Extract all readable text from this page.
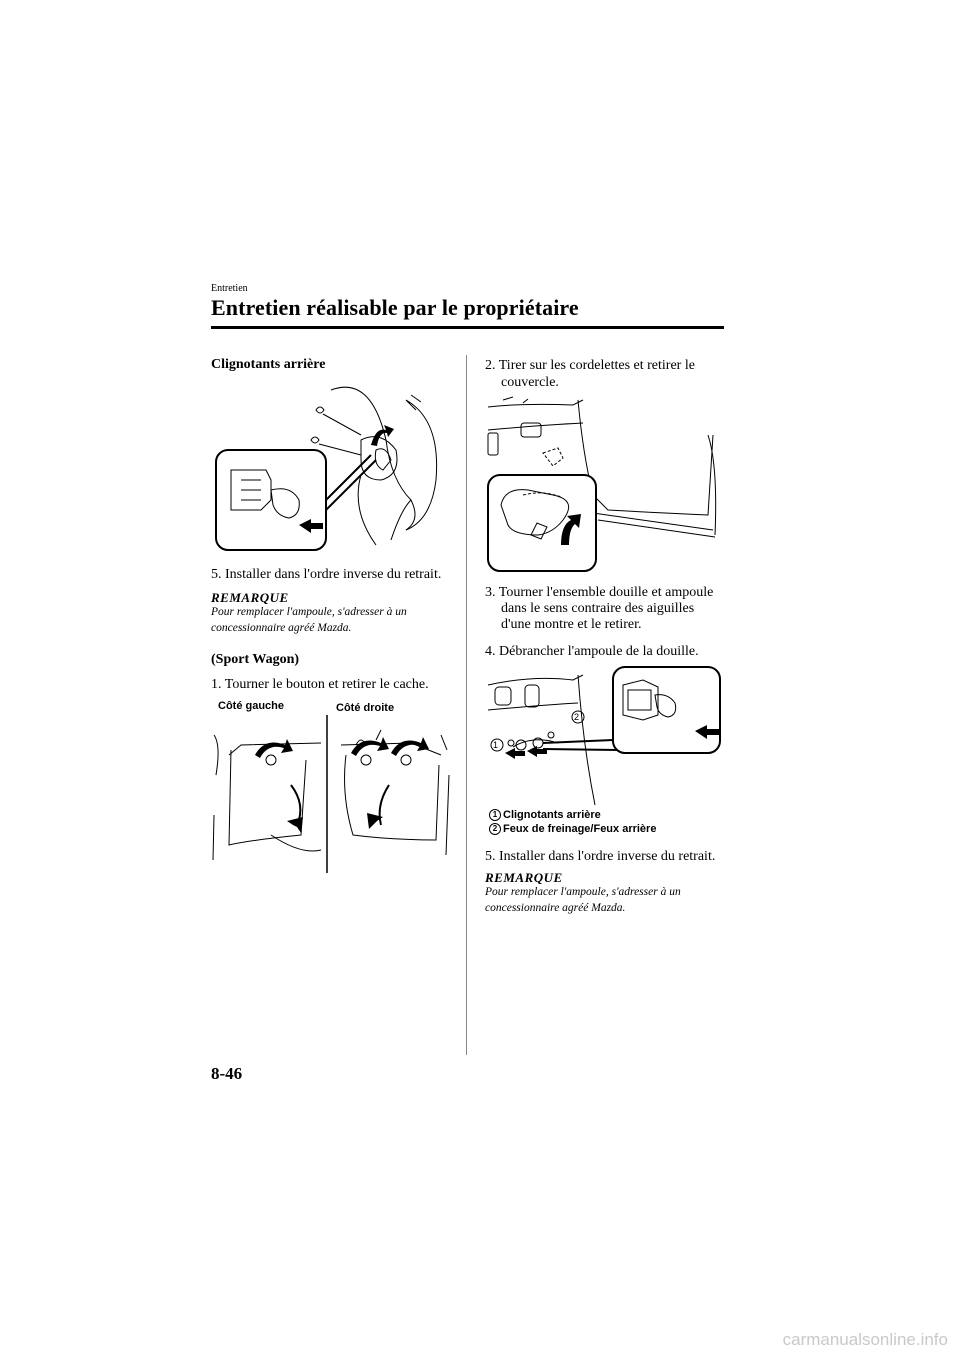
Entretien
Entretien réalisable par le propriétaire
Clignotants arrière
5. Installer dans l'ordre inverse du retrait.
REMARQUE
Pour remplacer l'ampoule, s'adresser à un
concessionnaire agréé Mazda.
(Sport Wagon)
1. Tourner le bouton et retirer le cache.
Côté gauche	Côté droite
2. Tirer sur les cordelettes et retirer le
couvercle.
3. Tourner l'ensemble douille et ampoule
dans le sens contraire des aiguilles
d'une montre et le retirer.
4. Débrancher l'ampoule de la douille.
1
2
1 Clignotants arrière
2 Feux de freinage/Feux arrière
5. Installer dans l'ordre inverse du retrait.
REMARQUE
Pour remplacer l'ampoule, s'adresser à un
concessionnaire agréé Mazda.
8-46
carmanualsonline.info
